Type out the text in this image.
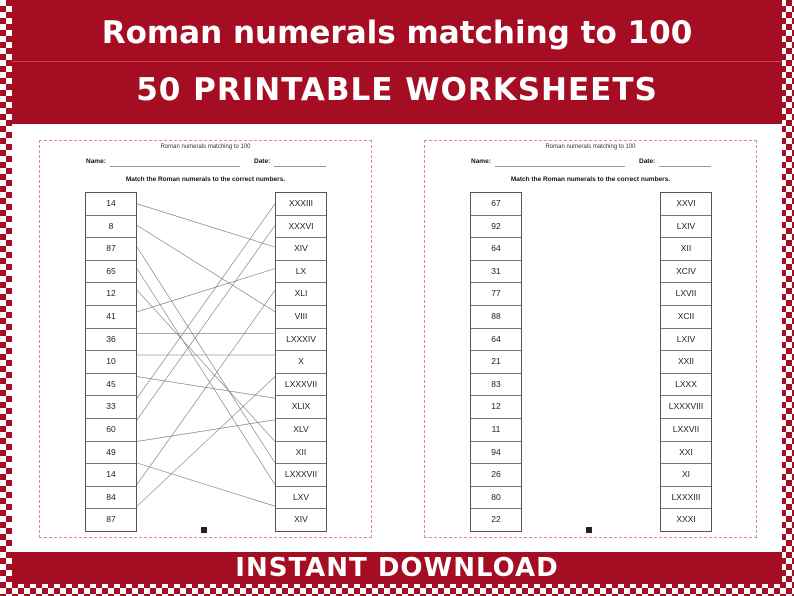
Roman numerals matching to 100
50 PRINTABLE WORKSHEETS
Roman numerals matching to 100
Name:	Date:
Match the Roman numerals to the correct numbers.
14
8
87
65
12
41
36
10
45
33
60
49
14
84
87
XXXIII
XXXVI
XIV
LX
XLI
VIII
LXXXIV
X
LXXXVII
XLIX
XLV
XII
LXXXVII
LXV
XIV
Roman numerals matching to 100
Name:	Date:
Match the Roman numerals to the correct numbers.
67
92
64
31
77
88
64
21
83
12
11
94
26
80
22
XXVI
LXIV
XII
XCIV
LXVII
XCII
LXIV
XXII
LXXX
LXXXVIII
LXXVII
XXI
XI
LXXXIII
XXXI
INSTANT DOWNLOAD
